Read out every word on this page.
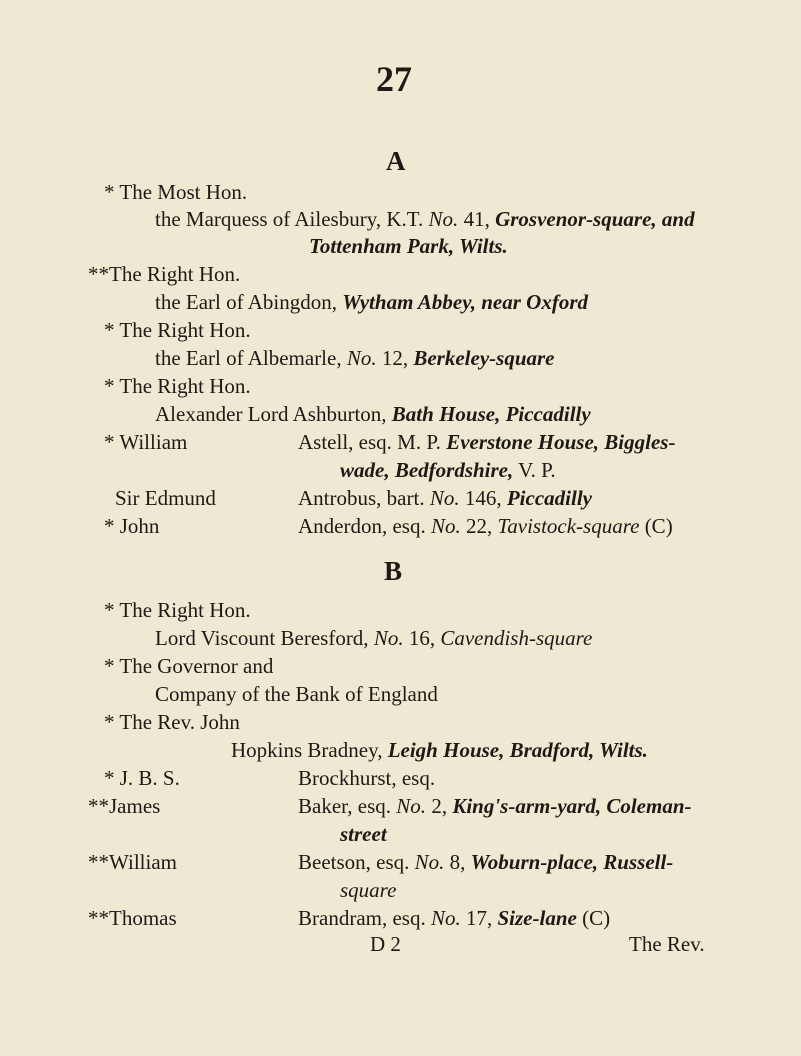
27
A
* The Most Hon.
the Marquess of Ailesbury, K.T. No. 41, Grosvenor-square, and
Tottenham Park, Wilts.
**The Right Hon.
the Earl of Abingdon, Wytham Abbey, near Oxford
* The Right Hon.
the Earl of Albemarle, No. 12, Berkeley-square
* The Right Hon.
Alexander Lord Ashburton, Bath House, Piccadilly
* William	Astell, esq. M. P. Everstone House, Biggles-
wade, Bedfordshire, V. P.
Sir Edmund	Antrobus, bart. No. 146, Piccadilly
* John	Anderdon, esq. No. 22, Tavistock-square (C)
B
* The Right Hon.
Lord Viscount Beresford, No. 16, Cavendish-square
* The Governor and
Company of the Bank of England
* The Rev. John
Hopkins Bradney, Leigh House, Bradford, Wilts.
* J. B. S.	Brockhurst, esq.
**James	Baker, esq. No. 2, King's-arm-yard, Coleman-
street
**William	Beetson, esq. No. 8, Woburn-place, Russell-
square
**Thomas	Brandram, esq. No. 17, Size-lane (C)
D 2	The Rev.
